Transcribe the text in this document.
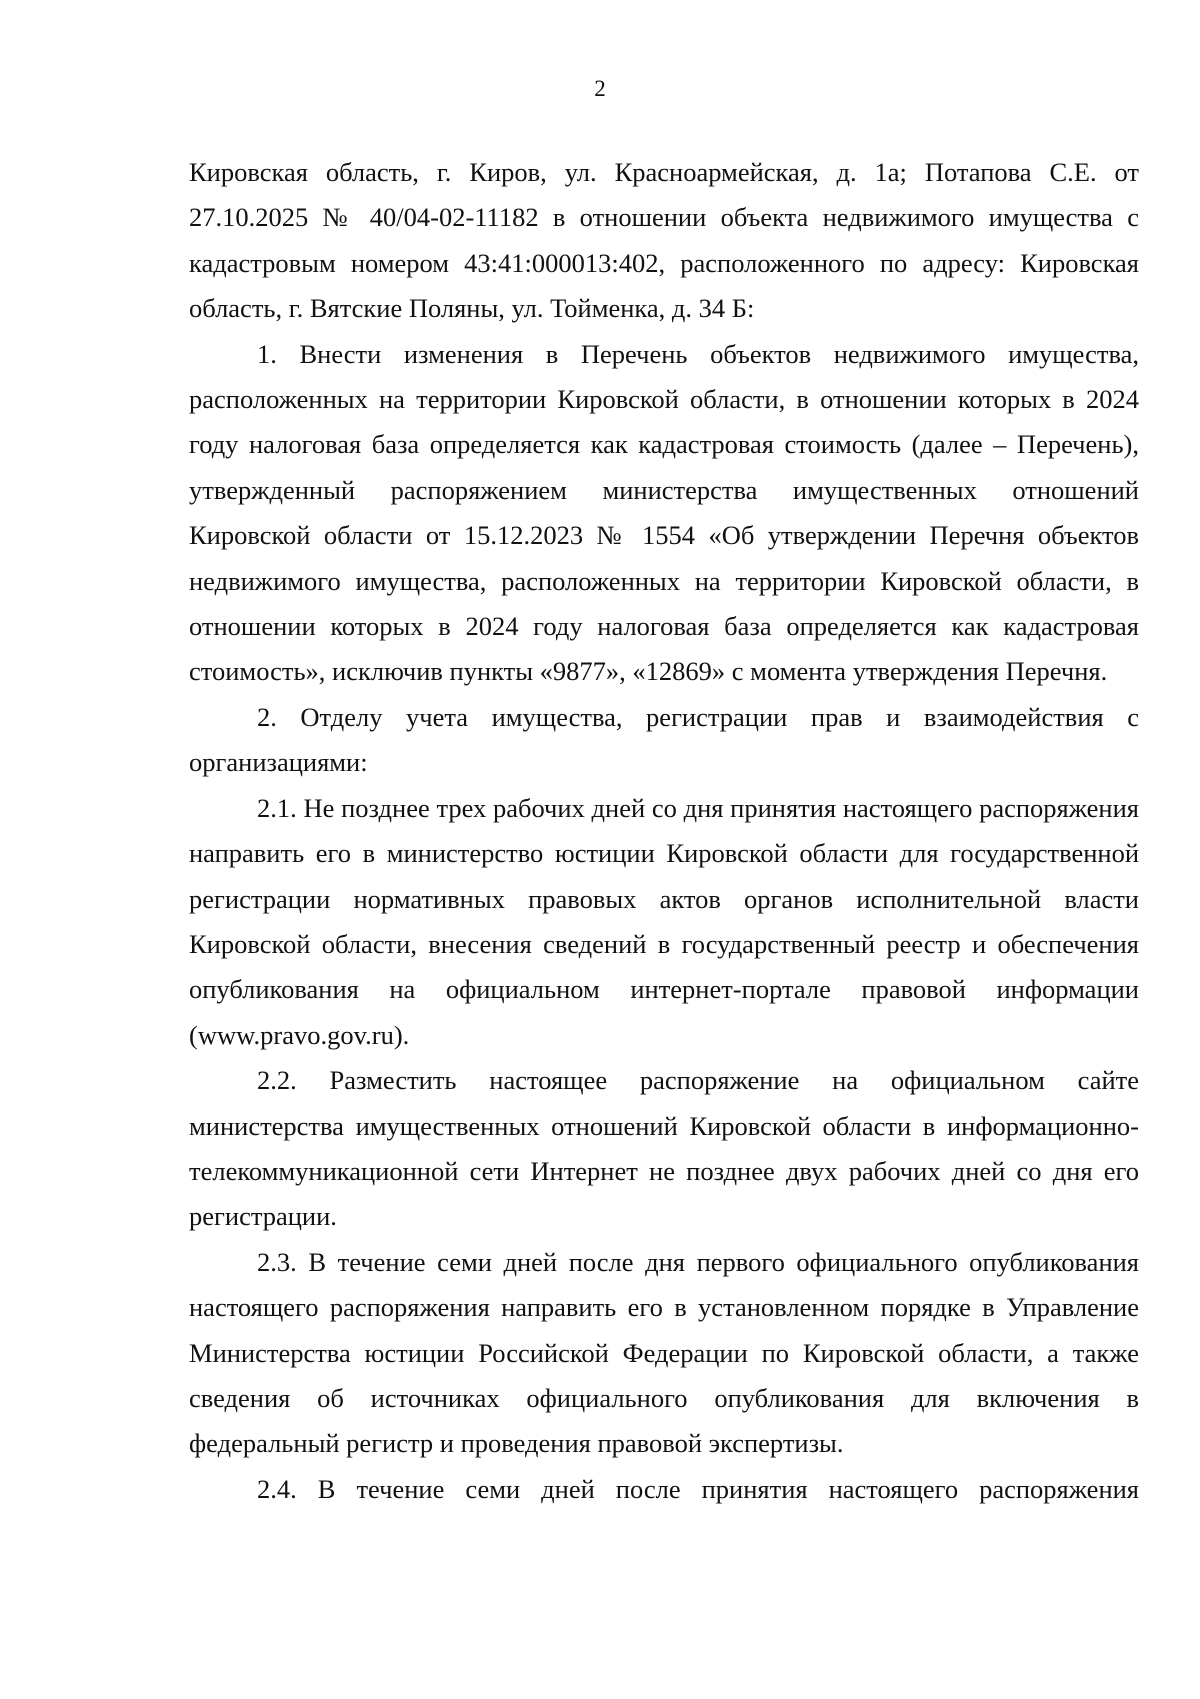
2

Кировская область, г. Киров, ул. Красноармейская, д. 1а; Потапова С.Е. от 27.10.2025 № 40/04-02-11182 в отношении объекта недвижимого имущества с кадастровым номером 43:41:000013:402, расположенного по адресу: Кировская область, г. Вятские Поляны, ул. Тойменка, д. 34 Б:

1. Внести изменения в Перечень объектов недвижимого имущества, расположенных на территории Кировской области, в отношении которых в 2024 году налоговая база определяется как кадастровая стоимость (далее – Перечень), утвержденный распоряжением министерства имущественных отношений Кировской области от 15.12.2023 № 1554 «Об утверждении Перечня объектов недвижимого имущества, расположенных на территории Кировской области, в отношении которых в 2024 году налоговая база определяется как кадастровая стоимость», исключив пункты «9877», «12869» с момента утверждения Перечня.

2. Отделу учета имущества, регистрации прав и взаимодействия с организациями:

2.1. Не позднее трех рабочих дней со дня принятия настоящего распоряжения направить его в министерство юстиции Кировской области для государственной регистрации нормативных правовых актов органов исполнительной власти Кировской области, внесения сведений в государственный реестр и обеспечения опубликования на официальном интернет-портале правовой информации (www.pravo.gov.ru).

2.2. Разместить настоящее распоряжение на официальном сайте министерства имущественных отношений Кировской области в информационно-телекоммуникационной сети Интернет не позднее двух рабочих дней со дня его регистрации.

2.3. В течение семи дней после дня первого официального опубликования настоящего распоряжения направить его в установленном порядке в Управление Министерства юстиции Российской Федерации по Кировской области, а также сведения об источниках официального опубликования для включения в федеральный регистр и проведения правовой экспертизы.

2.4. В течение семи дней после принятия настоящего распоряжения
